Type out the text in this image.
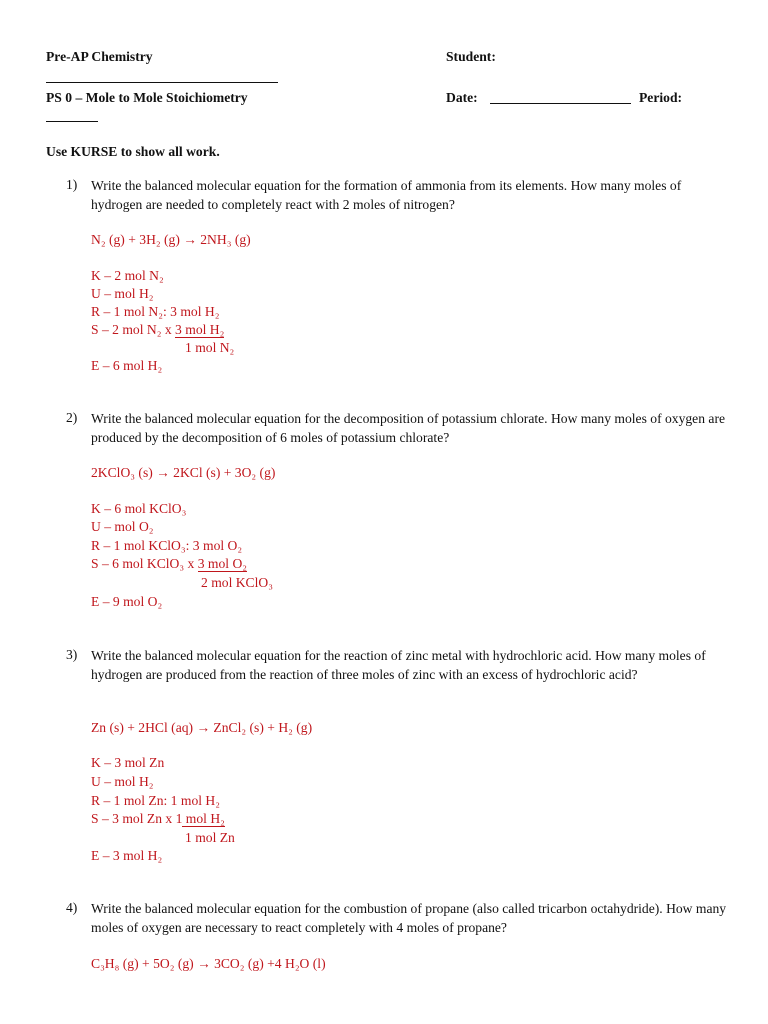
Pre-AP Chemistry	Student:
PS 0 – Mole to Mole Stoichiometry	Date:	Period:
Use KURSE to show all work.
1) Write the balanced molecular equation for the formation of ammonia from its elements. How many moles of hydrogen are needed to completely react with 2 moles of nitrogen?
N₂ (g) + 3H₂ (g) → 2NH₃ (g)
K – 2 mol N₂
U – mol H₂
R – 1 mol N₂: 3 mol H₂
S – 2 mol N₂ x 3 mol H₂
1 mol N₂
E – 6 mol H₂
2) Write the balanced molecular equation for the decomposition of potassium chlorate. How many moles of oxygen are produced by the decomposition of 6 moles of potassium chlorate?
2KClO₃ (s) → 2KCl (s) + 3O₂ (g)
K – 6 mol KClO₃
U – mol O₂
R – 1 mol KClO₃: 3 mol O₂
S – 6 mol KClO₃ x 3 mol O₂
2 mol KClO₃
E – 9 mol O₂
3) Write the balanced molecular equation for the reaction of zinc metal with hydrochloric acid. How many moles of hydrogen are produced from the reaction of three moles of zinc with an excess of hydrochloric acid?
Zn (s) + 2HCl (aq) → ZnCl₂ (s) + H₂ (g)
K – 3 mol Zn
U – mol H₂
R – 1 mol Zn: 1 mol H₂
S – 3 mol Zn x 1 mol H₂
1 mol Zn
E – 3 mol H₂
4) Write the balanced molecular equation for the combustion of propane (also called tricarbon octahydride). How many moles of oxygen are necessary to react completely with 4 moles of propane?
C₃H₈ (g) + 5O₂ (g) → 3CO₂ (g) +4 H₂O (l)
